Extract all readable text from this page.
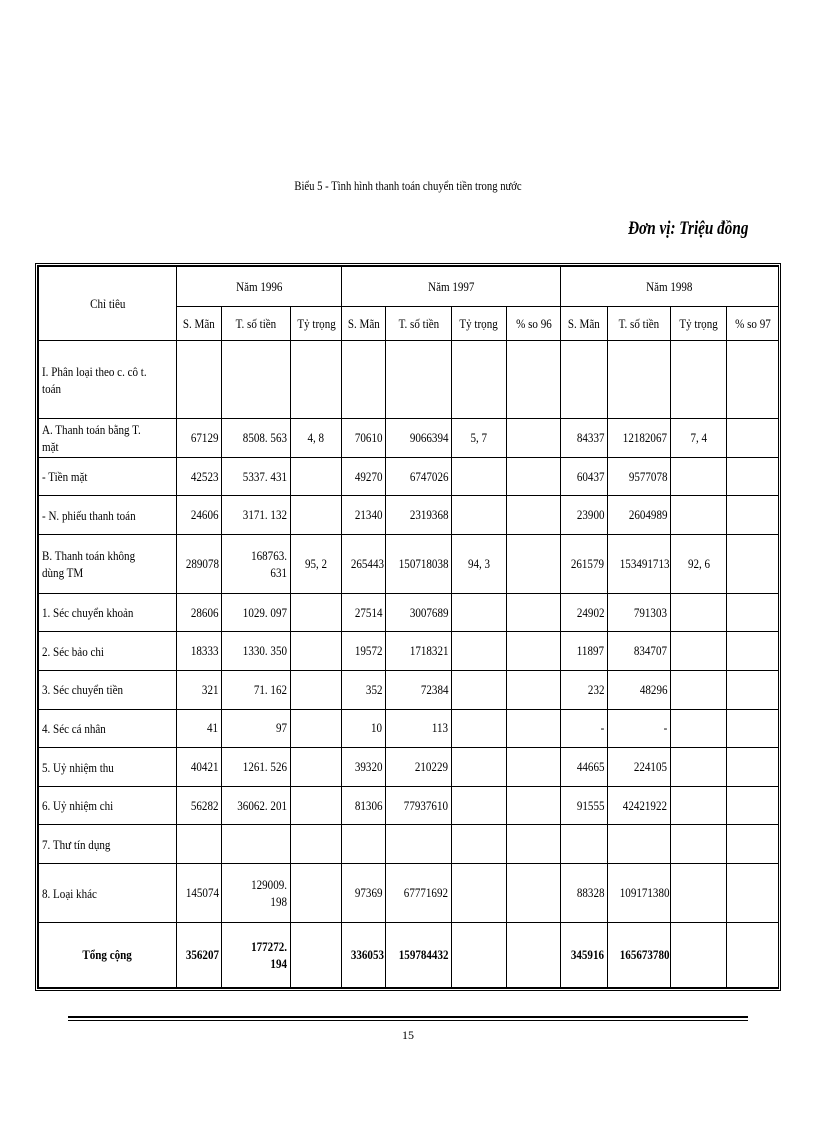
Biểu 5 - Tình hình thanh toán chuyển tiền trong nước
Đơn vị: Triệu đồng
Chỉ tiêu	Năm 1996			Năm 1997				Năm 1998			
	S. Mãn	T. số tiền	Tỷ trọng	S. Mãn	T. số tiền	Tỷ trọng	% so 96	S. Mãn	T. số tiền	Tỷ trọng	% so 97

I. Phân loại theo c. cô t. toán											

A. Thanh toán bằng T. mặt	67129	8508. 563	4, 8	70610	9066394	5, 7		84337	12182067	7, 4	

- Tiền mặt	42523	5337. 431		49270	6747026			60437	9577078		

- N. phiếu thanh toán	24606	3171. 132		21340	2319368			23900	2604989		

B. Thanh toán không dùng TM	289078	168763. 631	95, 2	265443	150718038	94, 3		261579	153491713	92, 6	

1. Séc chuyển khoản	28606	1029. 097		27514	3007689			24902	791303		

2. Séc bảo chi	18333	1330. 350		19572	1718321			11897	834707		

3. Séc chuyển tiền	321	71. 162		352	72384			232	48296		

4. Séc cá nhân	41	97		10	113			-	-		

5. Uỷ nhiệm thu	40421	1261. 526		39320	210229			44665	224105		

6. Uỷ nhiệm chi	56282	36062. 201		81306	77937610			91555	42421922		

7. Thư tín dụng											

8. Loại khác	145074	129009. 198		97369	67771692			88328	109171380		
Tổng cộng	356207	177272. 194		336053	159784432			345916	165673780		
15
